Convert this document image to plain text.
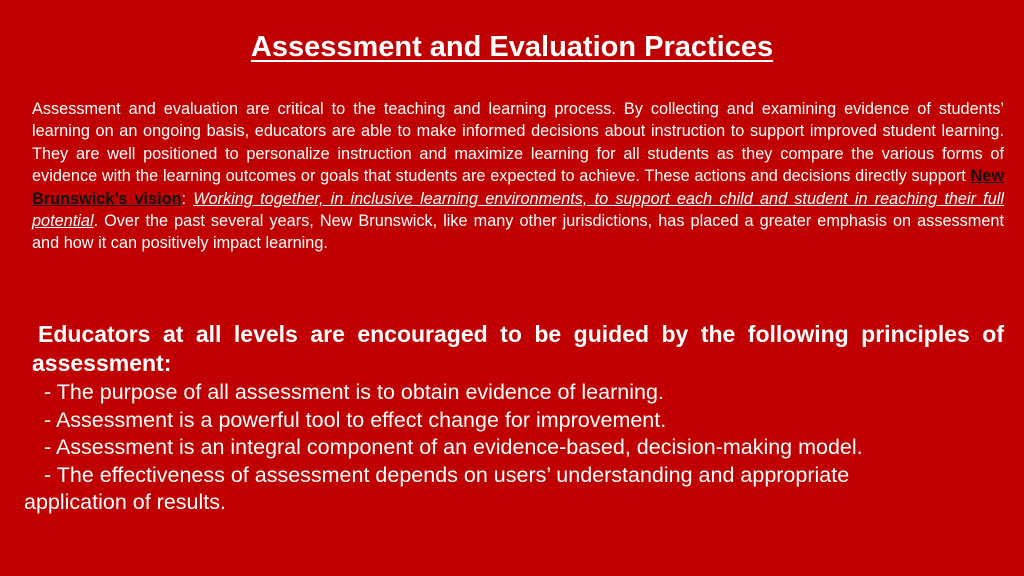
Assessment and Evaluation Practices

Assessment and evaluation are critical to the teaching and learning process. By collecting and examining evidence of students’ learning on an ongoing basis, educators are able to make informed decisions about instruction to support improved student learning. They are well positioned to personalize instruction and maximize learning for all students as they compare the various forms of evidence with the learning outcomes or goals that students are expected to achieve. These actions and decisions directly support New Brunswick’s vision: Working together, in inclusive learning environments, to support each child and student in reaching their full potential. Over the past several years, New Brunswick, like many other jurisdictions, has placed a greater emphasis on assessment and how it can positively impact learning.

Educators at all levels are encouraged to be guided by the following principles of assessment:

- The purpose of all assessment is to obtain evidence of learning.
- Assessment is a powerful tool to effect change for improvement.
- Assessment is an integral component of an evidence-based, decision-making model.
- The effectiveness of assessment depends on users’ understanding and appropriate
application of results.
